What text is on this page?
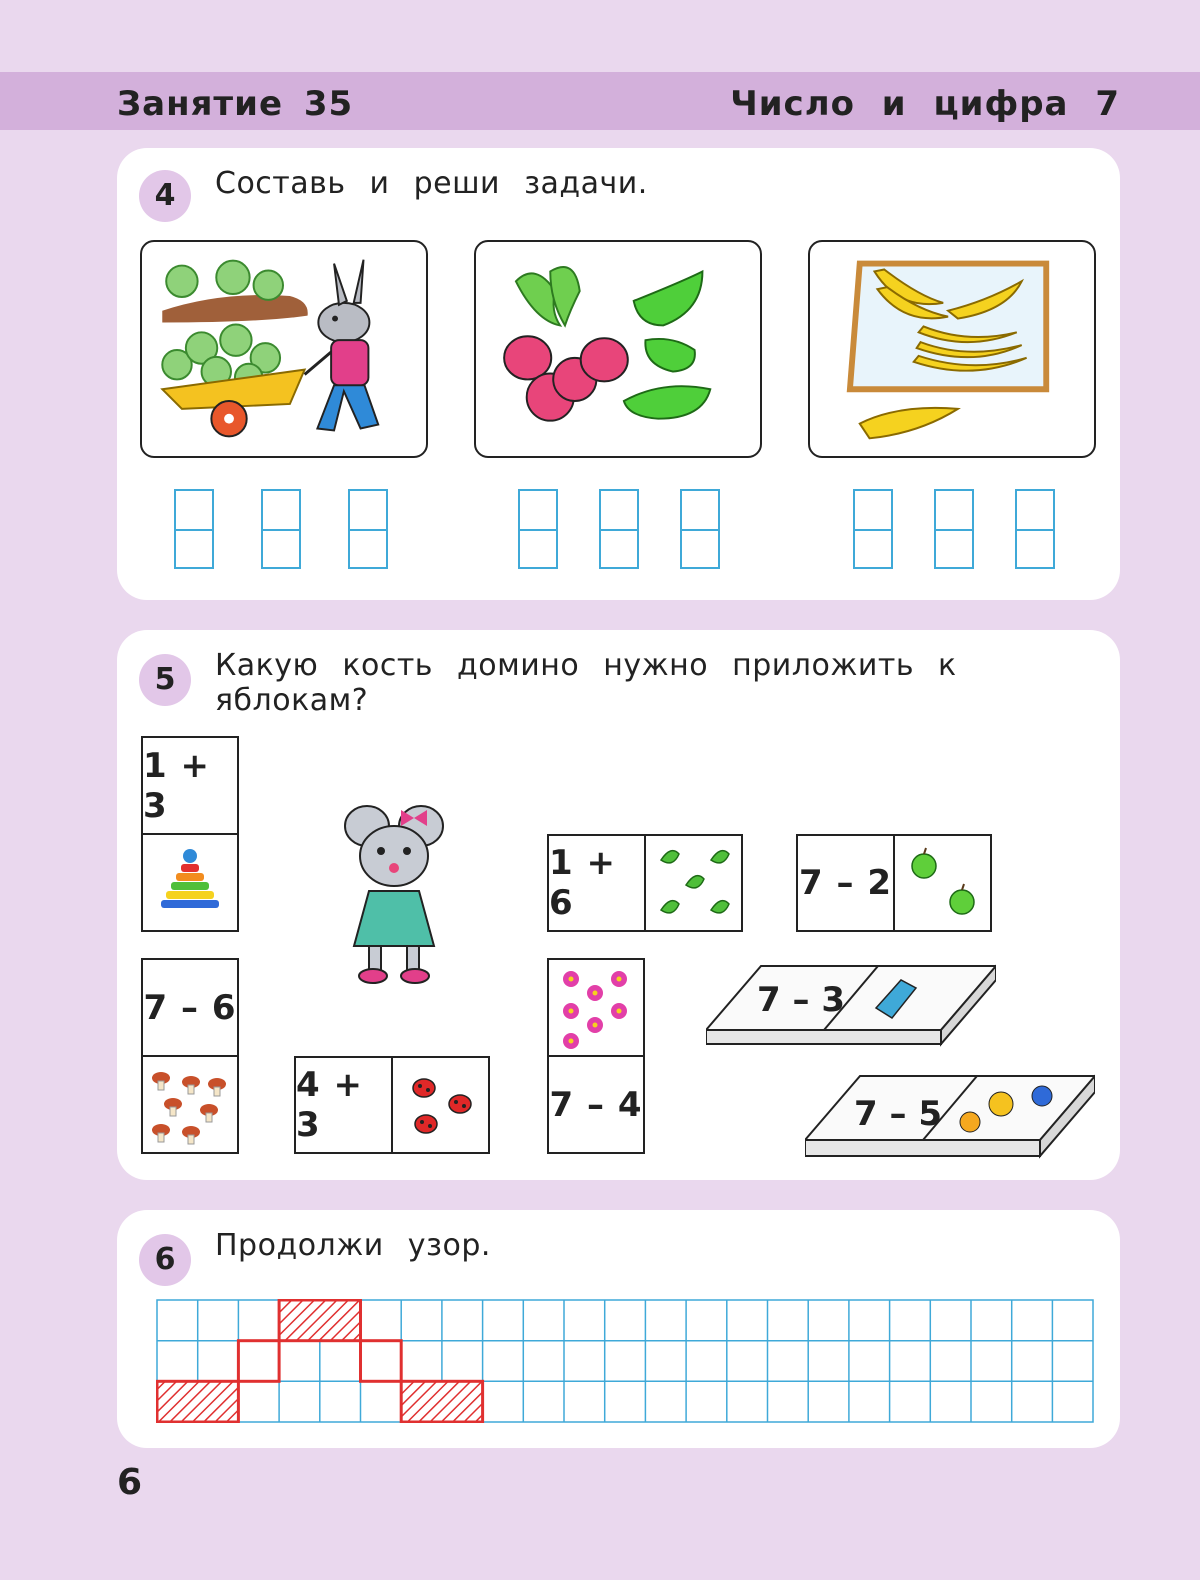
Занятие 35	Число и цифра 7
4	Составь и реши задачи.
5	Какую кость домино нужно приложить к яблокам?
1 + 3
7 – 6
4 + 3
1 + 6	7 – 2
7 – 4
7 – 3
7 – 5
6	Продолжи узор.
6
